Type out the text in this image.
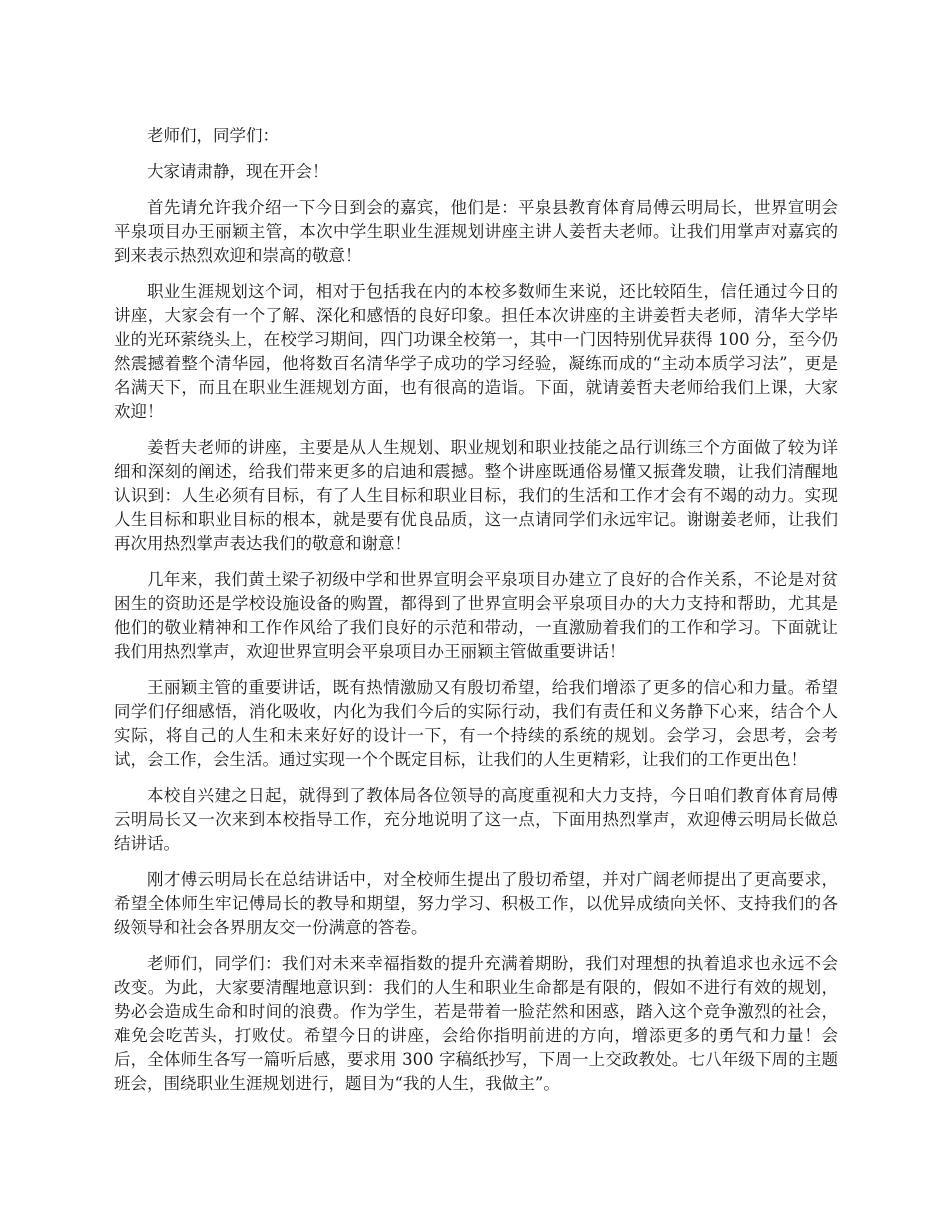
老师们，同学们：

大家请肃静，现在开会！

首先请允许我介绍一下今日到会的嘉宾，他们是：平泉县教育体育局傅云明局长，世界宣明会平泉项目办王丽颖主管，本次中学生职业生涯规划讲座主讲人姜哲夫老师。让我们用掌声对嘉宾的到来表示热烈欢迎和崇高的敬意！

职业生涯规划这个词，相对于包括我在内的本校多数师生来说，还比较陌生，信任通过今日的讲座，大家会有一个了解、深化和感悟的良好印象。担任本次讲座的主讲姜哲夫老师，清华大学毕业的光环萦绕头上，在校学习期间，四门功课全校第一，其中一门因特别优异获得 100 分，至今仍然震撼着整个清华园，他将数百名清华学子成功的学习经验，凝练而成的“主动本质学习法”，更是名满天下，而且在职业生涯规划方面，也有很高的造诣。下面，就请姜哲夫老师给我们上课，大家欢迎！

姜哲夫老师的讲座，主要是从人生规划、职业规划和职业技能之品行训练三个方面做了较为详细和深刻的阐述，给我们带来更多的启迪和震撼。整个讲座既通俗易懂又振聋发聩，让我们清醒地认识到：人生必须有目标，有了人生目标和职业目标，我们的生活和工作才会有不竭的动力。实现人生目标和职业目标的根本，就是要有优良品质，这一点请同学们永远牢记。谢谢姜老师，让我们再次用热烈掌声表达我们的敬意和谢意！

几年来，我们黄土梁子初级中学和世界宣明会平泉项目办建立了良好的合作关系，不论是对贫困生的资助还是学校设施设备的购置，都得到了世界宣明会平泉项目办的大力支持和帮助，尤其是他们的敬业精神和工作作风给了我们良好的示范和带动，一直激励着我们的工作和学习。下面就让我们用热烈掌声，欢迎世界宣明会平泉项目办王丽颖主管做重要讲话！

王丽颖主管的重要讲话，既有热情激励又有殷切希望，给我们增添了更多的信心和力量。希望同学们仔细感悟，消化吸收，内化为我们今后的实际行动，我们有责任和义务静下心来，结合个人实际，将自己的人生和未来好好的设计一下，有一个持续的系统的规划。会学习，会思考，会考试，会工作，会生活。通过实现一个个既定目标，让我们的人生更精彩，让我们的工作更出色！

本校自兴建之日起，就得到了教体局各位领导的高度重视和大力支持，今日咱们教育体育局傅云明局长又一次来到本校指导工作，充分地说明了这一点，下面用热烈掌声，欢迎傅云明局长做总结讲话。

刚才傅云明局长在总结讲话中，对全校师生提出了殷切希望，并对广阔老师提出了更高要求，希望全体师生牢记傅局长的教导和期望，努力学习、积极工作，以优异成绩向关怀、支持我们的各级领导和社会各界朋友交一份满意的答卷。

老师们，同学们：我们对未来幸福指数的提升充满着期盼，我们对理想的执着追求也永远不会改变。为此，大家要清醒地意识到：我们的人生和职业生命都是有限的，假如不进行有效的规划，势必会造成生命和时间的浪费。作为学生，若是带着一脸茫然和困惑，踏入这个竞争激烈的社会，难免会吃苦头，打败仗。希望今日的讲座，会给你指明前进的方向，增添更多的勇气和力量！会后，全体师生各写一篇听后感，要求用 300 字稿纸抄写，下周一上交政教处。七八年级下周的主题班会，围绕职业生涯规划进行，题目为“我的人生，我做主”。
